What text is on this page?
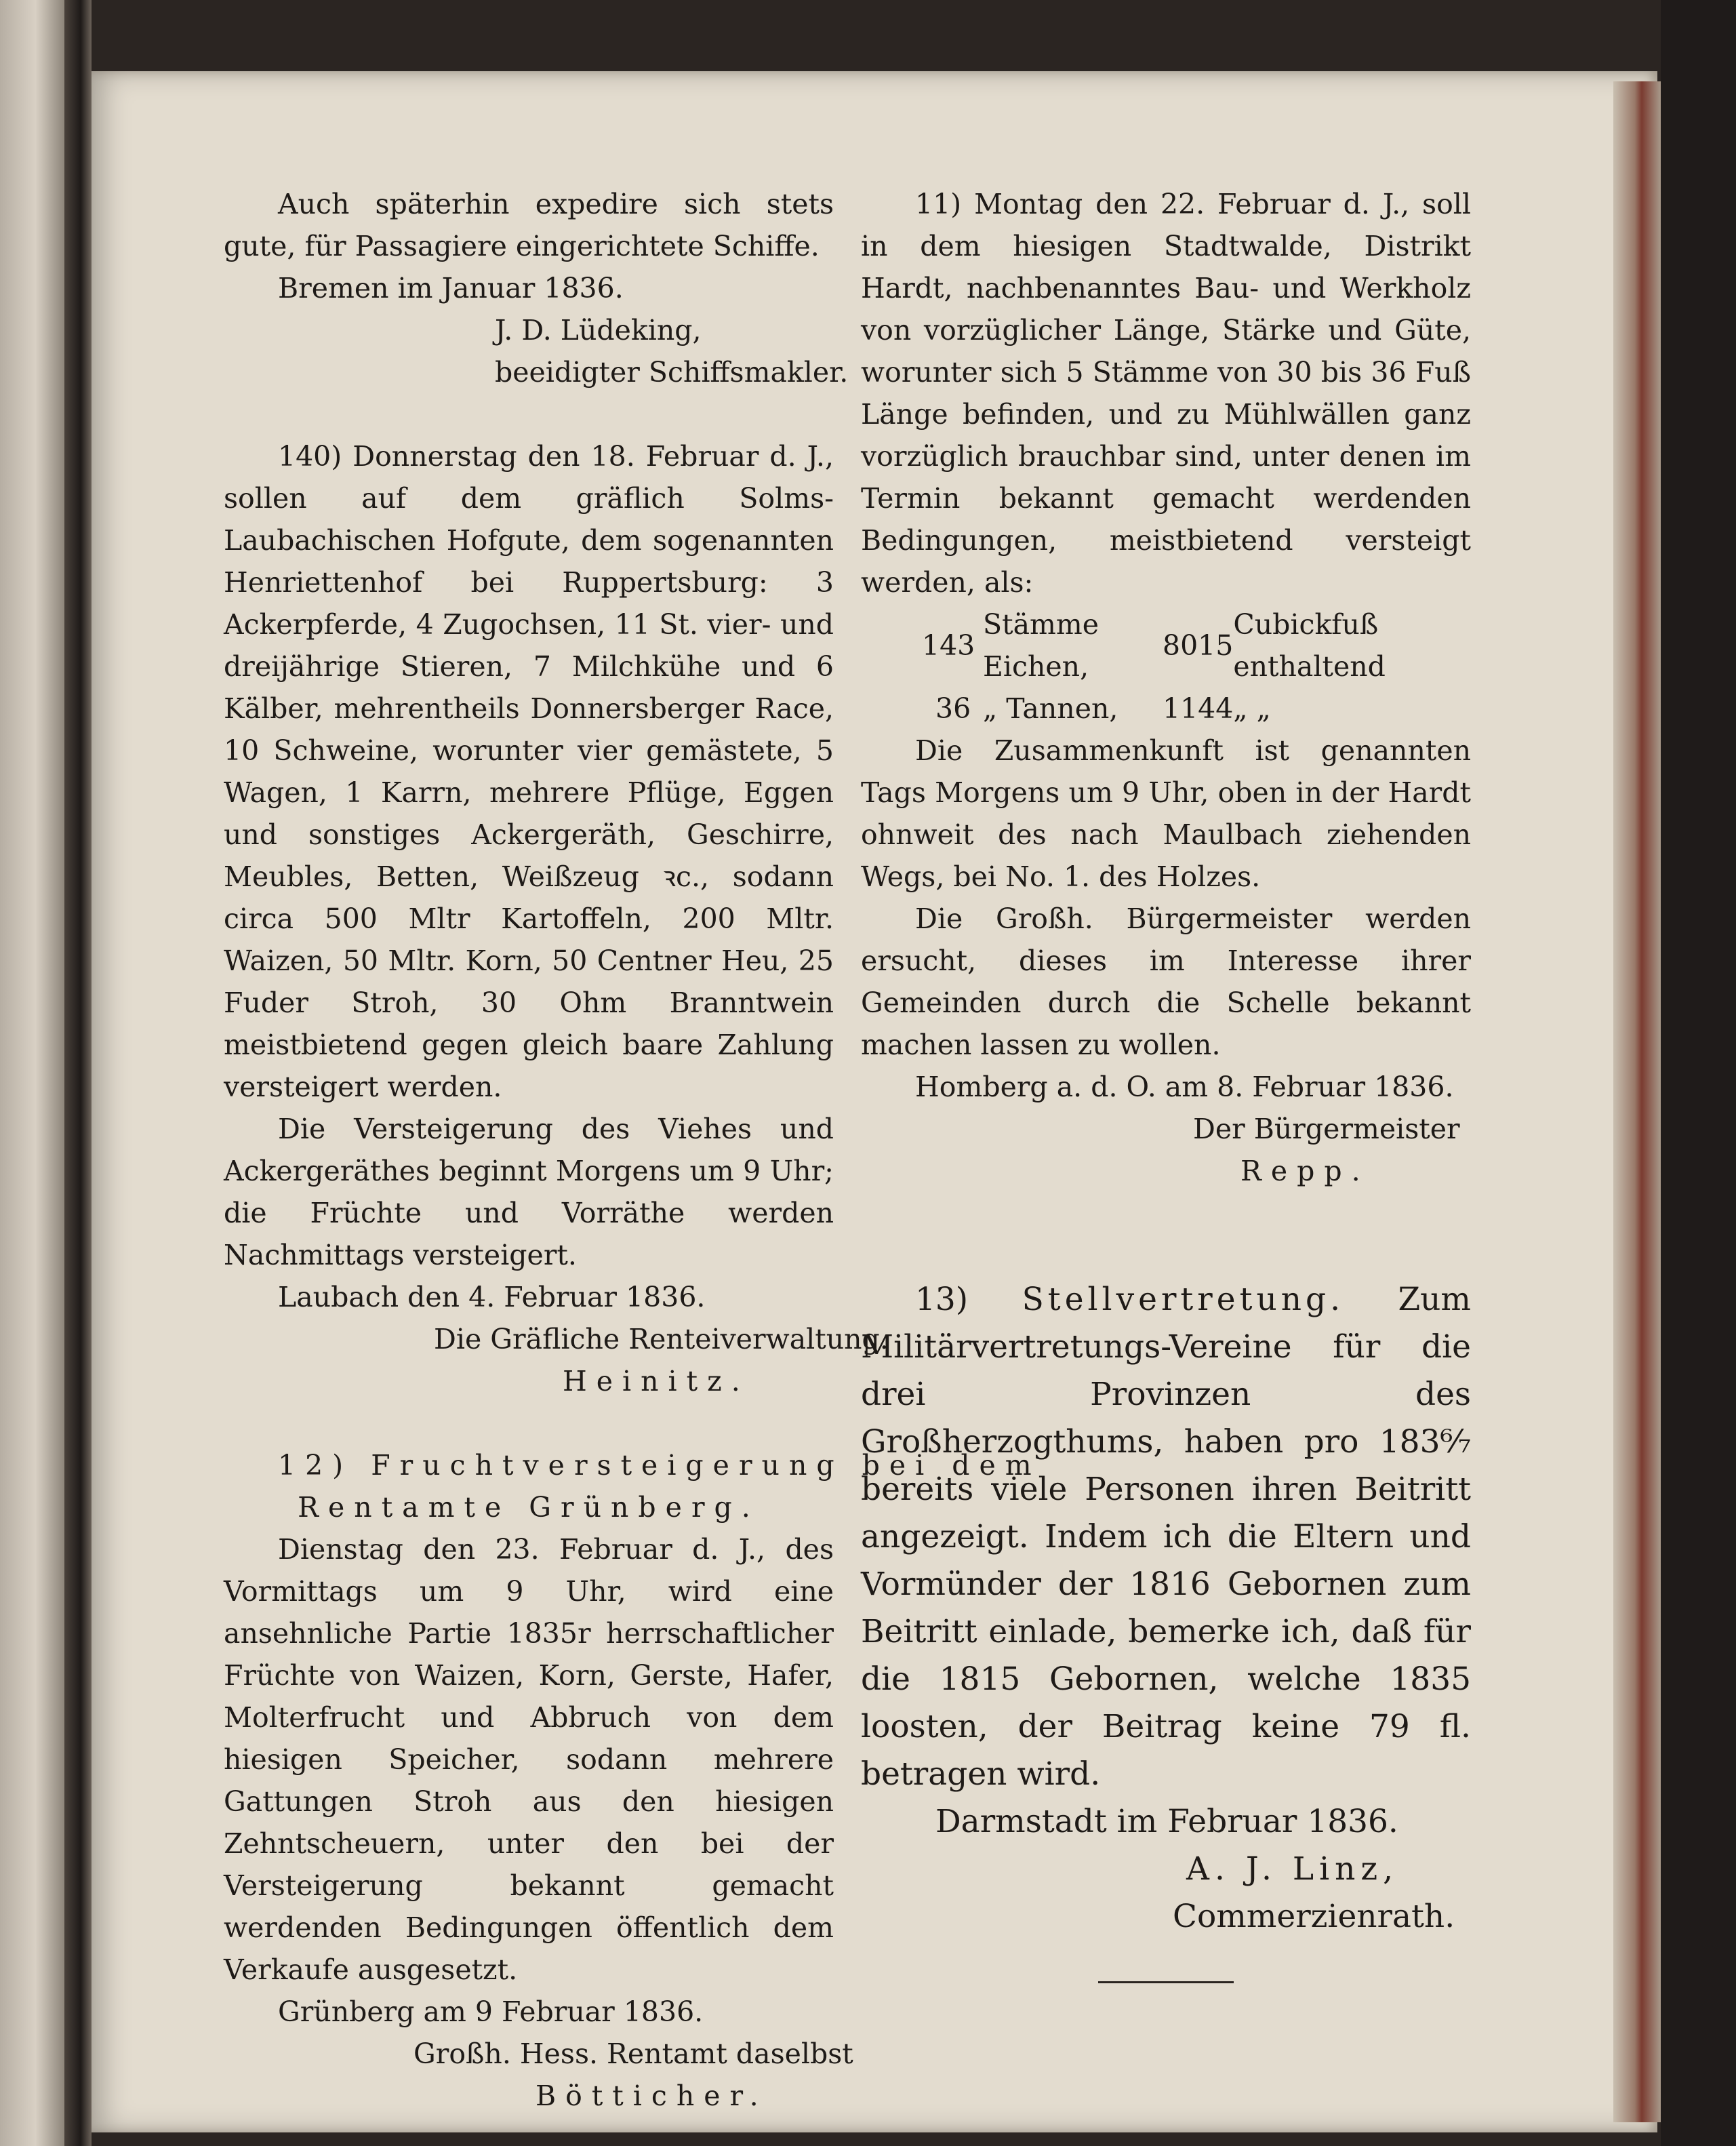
Auch späterhin expedire sich stets gute, für Passagiere eingerichtete Schiffe.

Bremen im Januar 1836.
J. D. Lüdeking,
beeidigter Schiffsmakler.

140) Donnerstag den 18. Februar d. J., sollen auf dem gräflich Solms-Laubachischen Hofgute, dem sogenannten Henriettenhof bei Ruppertsburg: 3 Ackerpferde, 4 Zugochsen, 11 St. vier- und dreijährige Stieren, 7 Milchkühe und 6 Kälber, mehrentheils Donnersberger Race, 10 Schweine, worunter vier gemästete, 5 Wagen, 1 Karrn, mehrere Pflüge, Eggen und sonstiges Ackergeräth, Geschirre, Meubles, Betten, Weißzeug ꝛc., sodann circa 500 Mltr Kartoffeln, 200 Mltr. Waizen, 50 Mltr. Korn, 50 Centner Heu, 25 Fuder Stroh, 30 Ohm Branntwein meistbietend gegen gleich baare Zahlung versteigert werden.

Die Versteigerung des Viehes und Ackergeräthes beginnt Morgens um 9 Uhr; die Früchte und Vorräthe werden Nachmittags versteigert.

Laubach den 4. Februar 1836.
Die Gräfliche Renteiverwaltung.
Heinitz.
12) Fruchtversteigerung bei dem
Rentamte Grünberg.

Dienstag den 23. Februar d. J., des Vormittags um 9 Uhr, wird eine ansehnliche Partie 1835r herrschaftlicher Früchte von Waizen, Korn, Gerste, Hafer, Molterfrucht und Abbruch von dem hiesigen Speicher, sodann mehrere Gattungen Stroh aus den hiesigen Zehntscheuern, unter den bei der Versteigerung bekannt gemacht werdenden Bedingungen öffentlich dem Verkaufe ausgesetzt.

Grünberg am 9 Februar 1836.
Großh. Hess. Rentamt daselbst
Bötticher.

11) Montag den 22. Februar d. J., soll in dem hiesigen Stadtwalde, Distrikt Hardt, nachbenanntes Bau- und Werkholz von vorzüglicher Länge, Stärke und Güte, worunter sich 5 Stämme von 30 bis 36 Fuß Länge befinden, und zu Mühlwällen ganz vorzüglich brauchbar sind, unter denen im Termin bekannt gemacht werdenden Bedingungen, meistbietend versteigt werden, als:

143	Stämme Eichen,	8015	Cubickfuß enthaltend
36	„ Tannen,	1144	„ „

Die Zusammenkunft ist genannten Tags Morgens um 9 Uhr, oben in der Hardt ohnweit des nach Maulbach ziehenden Wegs, bei No. 1. des Holzes.

Die Großh. Bürgermeister werden ersucht, dieses im Interesse ihrer Gemeinden durch die Schelle bekannt machen lassen zu wollen.

Homberg a. d. O. am 8. Februar 1836.
Der Bürgermeister
Repp.

13) Stellvertretung. Zum Militärvertretungs-Vereine für die drei Provinzen des Großherzogthums, haben pro 183⁶⁄₇ bereits viele Personen ihren Beitritt angezeigt. Indem ich die Eltern und Vormünder der 1816 Gebornen zum Beitritt einlade, bemerke ich, daß für die 1815 Gebornen, welche 1835 loosten, der Beitrag keine 79 fl. betragen wird.

Darmstadt im Februar 1836.
A. J. Linz,
Commerzienrath.
